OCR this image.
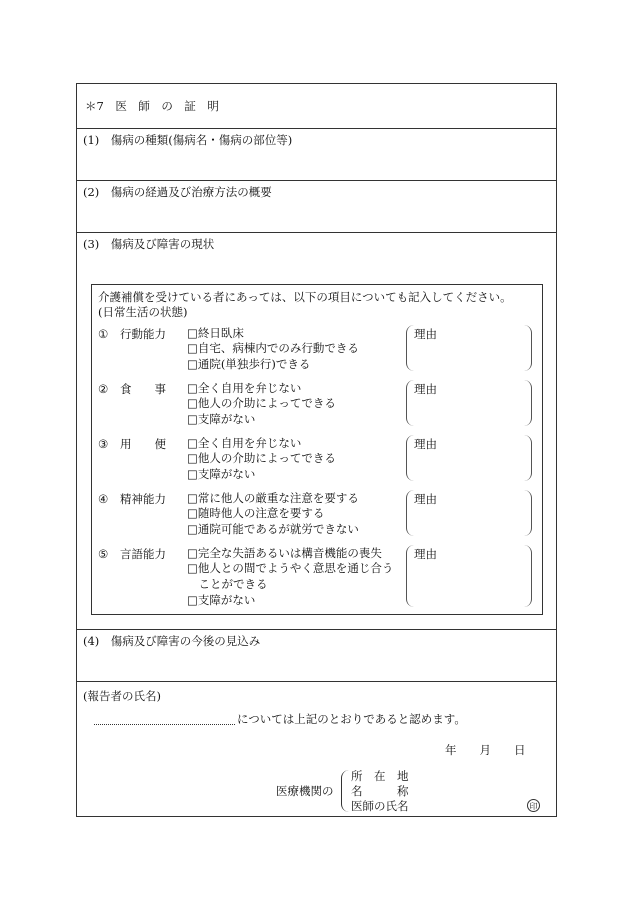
＊7　医　師　の　証　明
(1)　傷病の種類(傷病名・傷病の部位等)
(2)　傷病の経過及び治療方法の概要
(3)　傷病及び障害の現状
(4)　傷病及び障害の今後の見込み
介護補償を受けている者にあっては、以下の項目についても記入してください。
(日常生活の状態)
① 行動能力 □終日臥床
□自宅、病棟内でのみ行動できる
□通院(単独歩行)できる
理由
② 食　　事 □全く自用を弁じない
□他人の介助によってできる
□支障がない
理由
③ 用　　便 □全く自用を弁じない
□他人の介助によってできる
□支障がない
理由
④ 精神能力 □常に他人の厳重な注意を要する
□随時他人の注意を要する
□通院可能であるが就労できない
理由
⑤ 言語能力 □完全な失語あるいは構音機能の喪失
□他人との間でようやく意思を通じ合う
　ことができる
□支障がない
理由
(報告者の氏名)
については上記のとおりであると認めます。
年　　月　　日
医療機関の
所　在　地
名　　　称
医師の氏名	印
